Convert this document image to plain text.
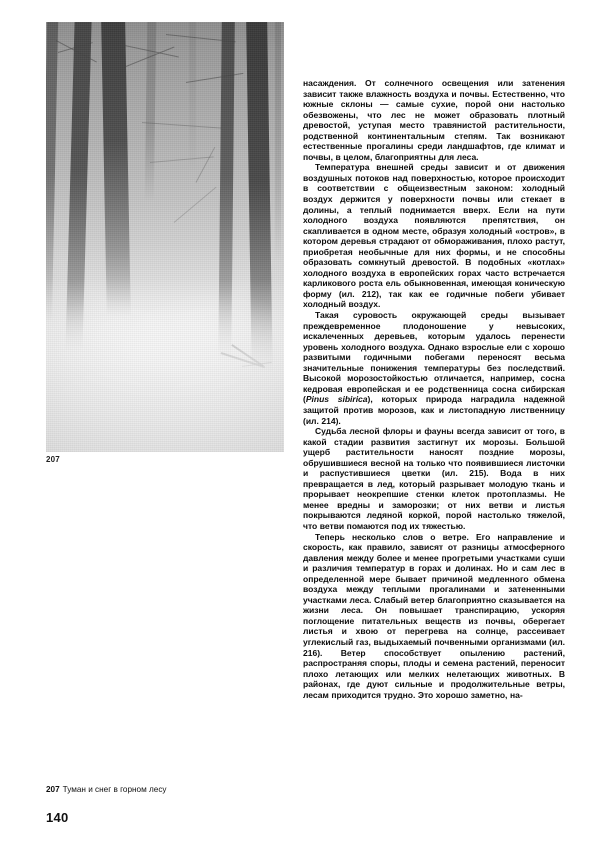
207
207 Туман и снег в горном лесу
140

насаждения. От солнечного освещения или затенения зависит также влажность воздуха и почвы. Естественно, что южные склоны — самые сухие, порой они настолько обезвожены, что лес не может образовать плотный древостой, уступая место травянистой растительности, родственной континентальным степям. Так возникают естественные прогалины среди ландшафтов, где климат и почвы, в целом, благоприятны для леса.

Температура внешней среды зависит и от движения воздушных потоков над поверхностью, которое происходит в соответствии с общеизвестным законом: холодный воздух держится у поверхности почвы или стекает в долины, а теплый поднимается вверх. Если на пути холодного воздуха появляются препятствия, он скапливается в одном месте, образуя холодный «остров», в котором деревья страдают от обмораживания, плохо растут, приобретая необычные для них формы, и не способны образовать сомкнутый древостой. В подобных «котлах» холодного воздуха в европейских горах часто встречается карликового роста ель обыкновенная, имеющая коническую форму (ил. 212), так как ее годичные побеги убивает холодный воздух.

Такая суровость окружающей среды вызывает преждевременное плодоношение у невысоких, искалеченных деревьев, которым удалось перенести уровень холодного воздуха. Однако взрослые ели с хорошо развитыми годичными побегами переносят весьма значительные понижения температуры без последствий. Высокой морозостойкостью отличается, например, сосна кедровая европейская и ее родственница сосна сибирская (Pinus sibirica), которых природа наградила надежной защитой против морозов, как и листопадную лиственницу (ил. 214).

Судьба лесной флоры и фауны всегда зависит от того, в какой стадии развития застигнут их морозы. Большой ущерб растительности наносят поздние морозы, обрушившиеся весной на только что появившиеся листочки и распустившиеся цветки (ил. 215). Вода в них превращается в лед, который разрывает молодую ткань и прорывает неокрепшие стенки клеток протоплазмы. Не менее вредны и заморозки; от них ветви и листья покрываются ледяной коркой, порой настолько тяжелой, что ветви помаются под их тяжестью.

Теперь несколько слов о ветре. Его направление и скорость, как правило, зависят от разницы атмосферного давления между более и менее прогретыми участками суши и различия температур в горах и долинах. Но и сам лес в определенной мере бывает причиной медленного обмена воздуха между теплыми прогалинами и затененными участками леса. Слабый ветер благоприятно сказывается на жизни леса. Он повышает транспирацию, ускоряя поглощение питательных веществ из почвы, оберегает листья и хвою от перегрева на солнце, рассеивает углекислый газ, выдыхаемый почвенными организмами (ил. 216). Ветер способствует опылению растений, распространяя споры, плоды и семена растений, переносит плохо летающих или мелких нелетающих животных. В районах, где дуют сильные и продолжительные ветры, лесам приходится трудно. Это хорошо заметно, на-
